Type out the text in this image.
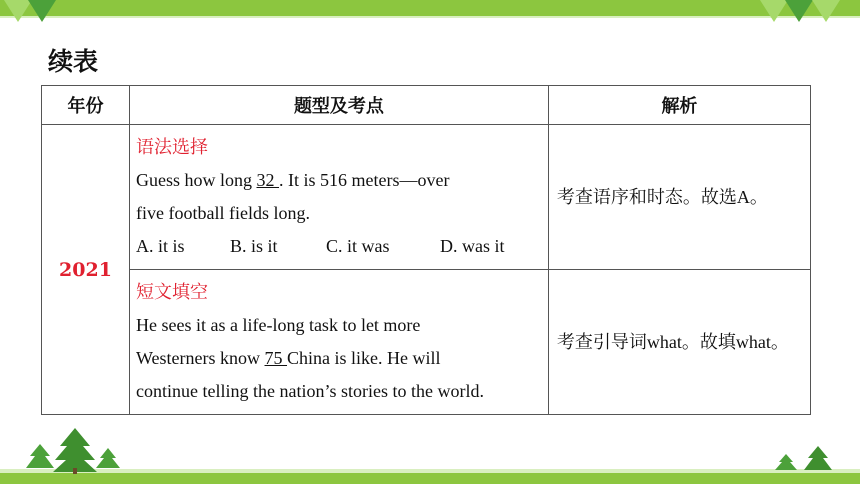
续表
年份	题型及考点	解析
2021	语法选择
Guess how long 32 . It is 516 meters—over
five football fields long.
A. it is B. is it C. it was D. was it	考查语序和时态。故选A。

	短文填空
He sees it as a life-long task to let more
Westerners know 75 China is like. He will
continue telling the nation’s stories to the world.	考查引导词what。故填what。
